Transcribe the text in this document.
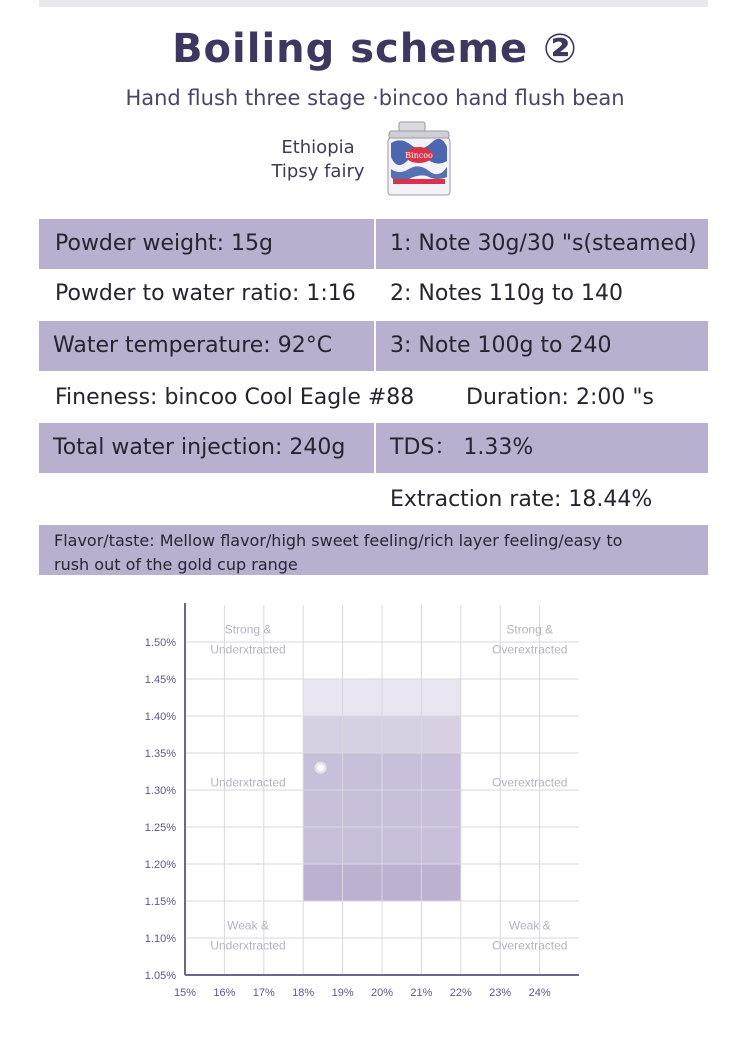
Boiling scheme ②
Hand flush three stage ·bincoo hand flush bean
Ethiopia
Tipsy fairy
Bincoo
Powder weight: 15g	1: Note 30g/30 "s(steamed)
Powder to water ratio: 1:16 2: Notes 110g to 140
Water temperature: 92°C	3: Note 100g to 240
Fineness: bincoo Cool Eagle #88 Duration: 2:00 "s
Total water injection: 240g TDS： 1.33%
Extraction rate: 18.44%
Flavor/taste: Mellow flavor/high sweet feeling/rich layer feeling/easy to rush out of the gold cup range
15% 16% 17% 18% 19% 20% 21% 22% 23% 24%
1.05%
1.10%
1.15%
1.20%
1.25%
1.30%
1.35%
1.40%
1.45%
1.50%
Strong &
Underxtracted
Strong &
Overextracted
Underxtracted	Overextracted
Weak &
Underxtracted
Weak &
Overextracted
